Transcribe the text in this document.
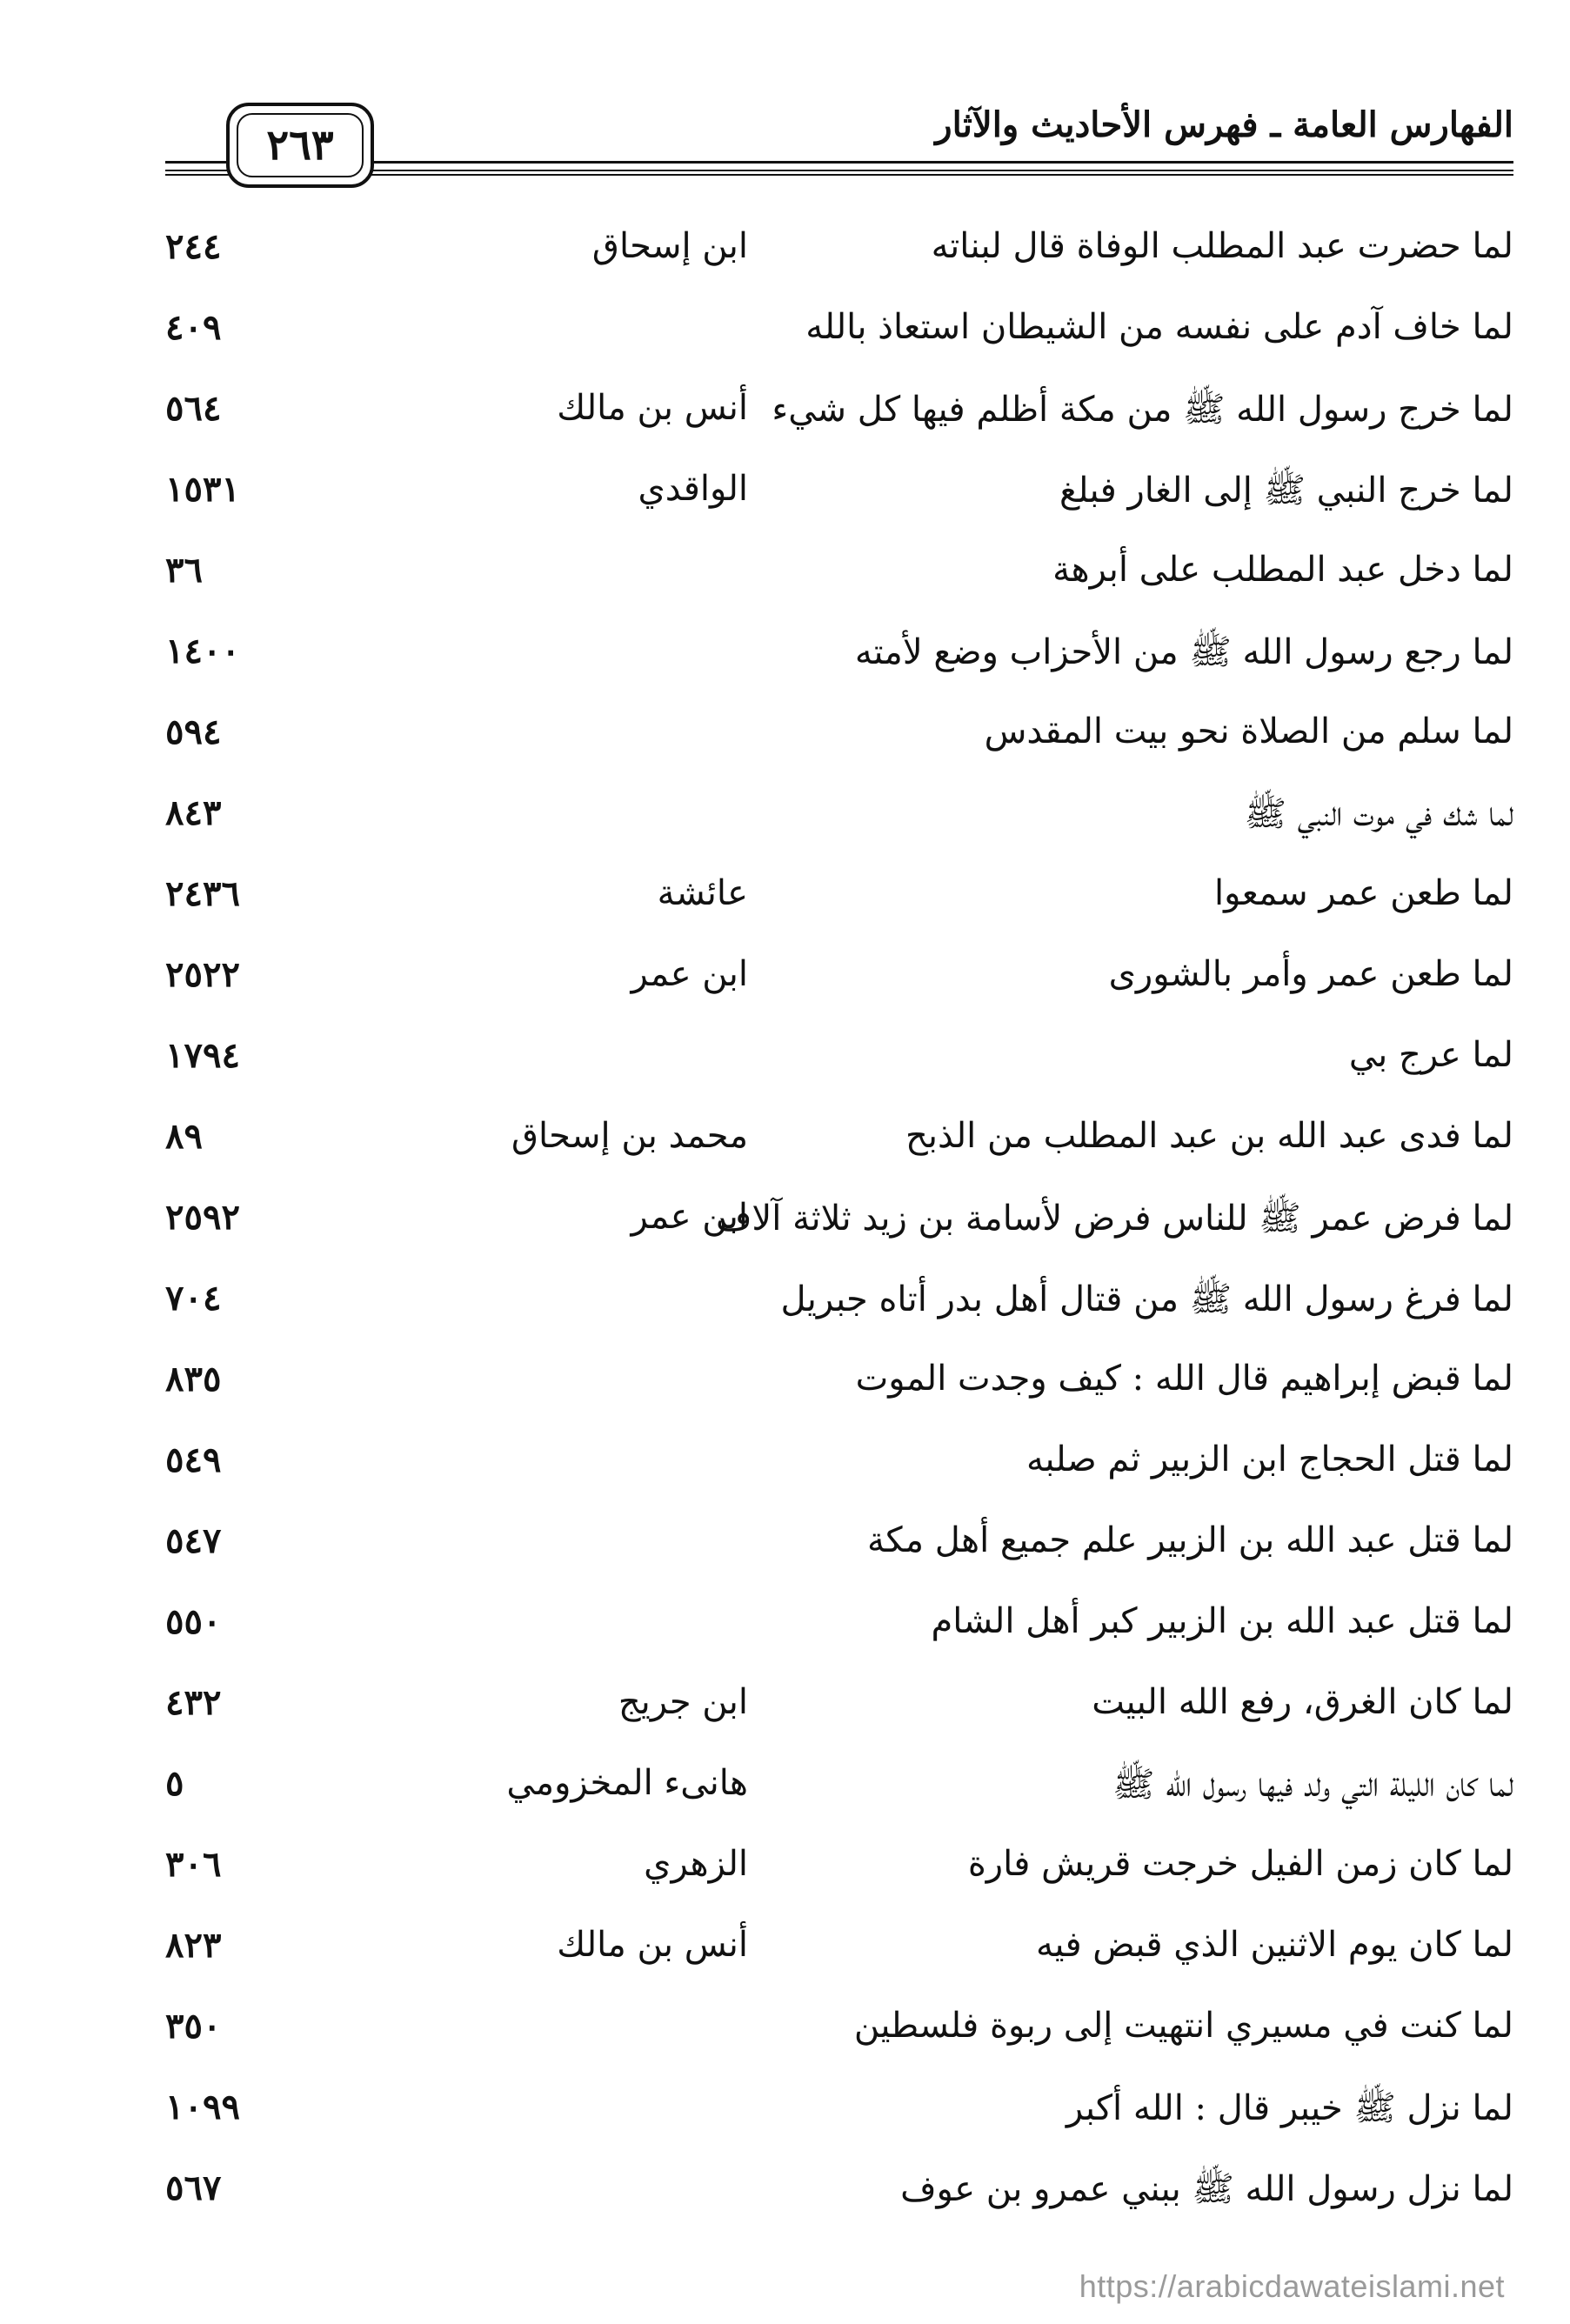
الفهارس العامة ـ فهرس الأحاديث والآثار
٢٦٣
لما حضرت عبد المطلب الوفاة قال لبناته
ابن إسحاق
٢٤٤
لما خاف آدم على نفسه من الشيطان استعاذ بالله
٤٠٩
لما خرج رسول الله ﷺ من مكة أظلم فيها كل شيء
أنس بن مالك
٥٦٤
لما خرج النبي ﷺ إلى الغار فبلغ
الواقدي
١٥٣١
لما دخل عبد المطلب على أبرهة
٣٦
لما رجع رسول الله ﷺ من الأحزاب وضع لأمته
١٤٠٠
لما سلم من الصلاة نحو بيت المقدس
٥٩٤
لما شك في موت النبي ﷺ
٨٤٣
لما طعن عمر سمعوا
عائشة
٢٤٣٦
لما طعن عمر وأمر بالشورى
ابن عمر
٢٥٢٢
لما عرج بي
١٧٩٤
لما فدى عبد الله بن عبد المطلب من الذبح
محمد بن إسحاق
٨٩
لما فرض عمر ﷺ للناس فرض لأسامة بن زيد ثلاثة آلاف
ابن عمر
٢٥٩٢
لما فرغ رسول الله ﷺ من قتال أهل بدر أتاه جبريل
٧٠٤
لما قبض إبراهيم قال الله : كيف وجدت الموت
٨٣٥
لما قتل الحجاج ابن الزبير ثم صلبه
٥٤٩
لما قتل عبد الله بن الزبير علم جميع أهل مكة
٥٤٧
لما قتل عبد الله بن الزبير كبر أهل الشام
٥٥٠
لما كان الغرق، رفع الله البيت
ابن جريج
٤٣٢
لما كان الليلة التي ولد فيها رسول الله ﷺ
هانىء المخزومي
٥
لما كان زمن الفيل خرجت قريش فارة
الزهري
٣٠٦
لما كان يوم الاثنين الذي قبض فيه
أنس بن مالك
٨٢٣
لما كنت في مسيري انتهيت إلى ربوة فلسطين
٣٥٠
لما نزل ﷺ خيبر قال : الله أكبر
١٠٩٩
لما نزل رسول الله ﷺ ببني عمرو بن عوف
٥٦٧
https://arabicdawateislami.net
